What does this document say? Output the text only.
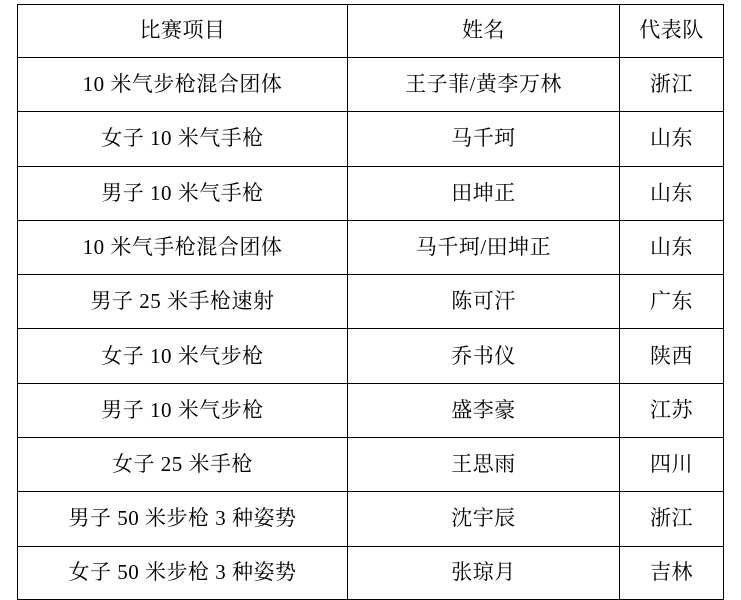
比赛项目	姓名	代表队
10 米气步枪混合团体	王子菲/黄李万林	浙江
女子 10 米气手枪	马千珂	山东
男子 10 米气手枪	田坤正	山东
10 米气手枪混合团体	马千珂/田坤正	山东
男子 25 米手枪速射	陈可汗	广东
女子 10 米气步枪	乔书仪	陕西
男子 10 米气步枪	盛李豪	江苏
女子 25 米手枪	王思雨	四川
男子 50 米步枪 3 种姿势	沈宇辰	浙江
女子 50 米步枪 3 种姿势	张琼月	吉林
